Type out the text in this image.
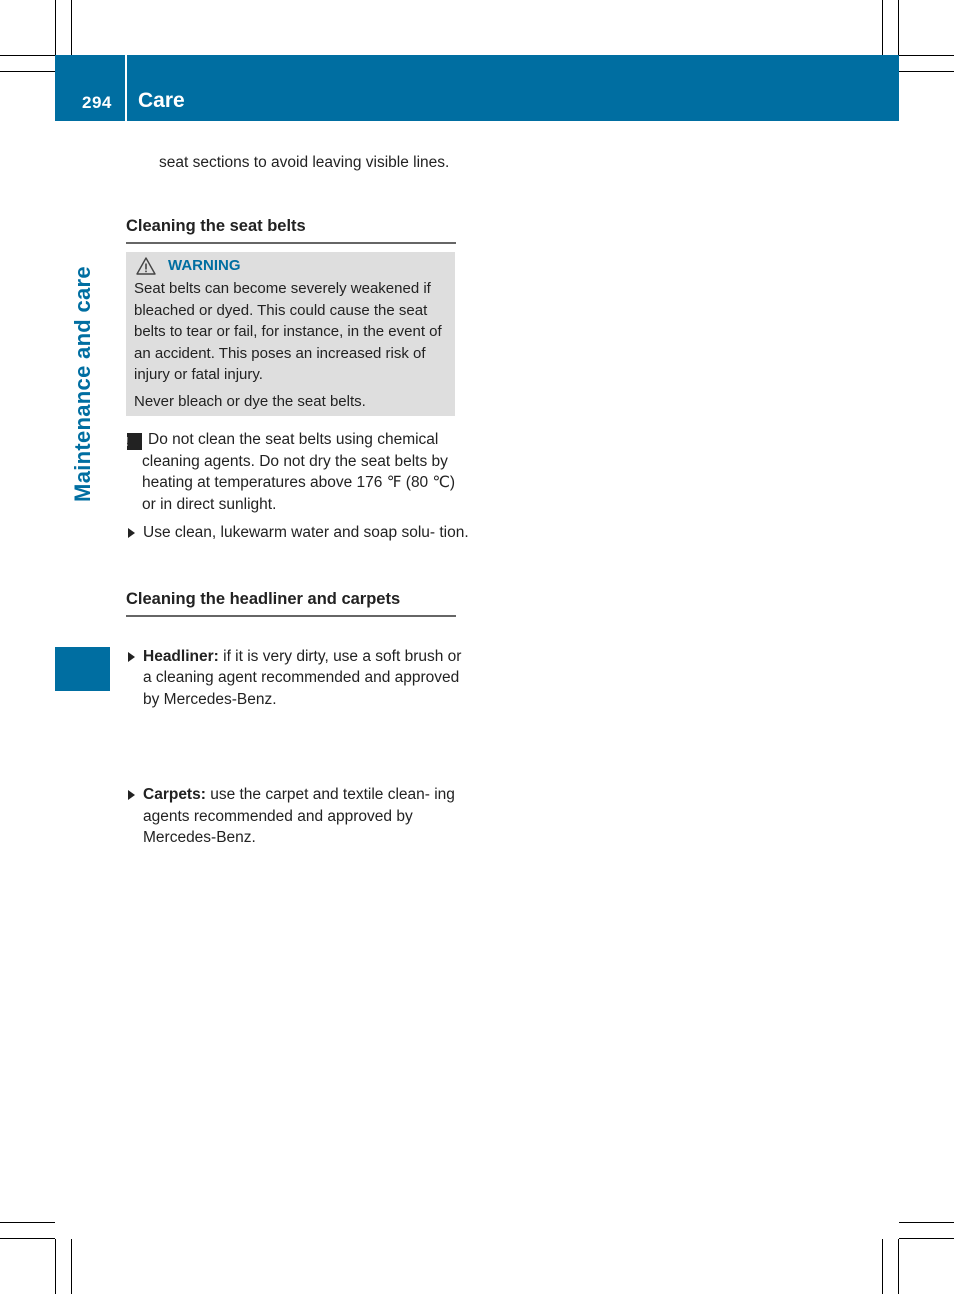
294 Care
Maintenance and care
seat sections to avoid leaving visible lines.
Cleaning the seat belts
WARNING
Seat belts can become severely weakened if bleached or dyed. This could cause the seat belts to tear or fail, for instance, in the event of an accident. This poses an increased risk of injury or fatal injury.
Never bleach or dye the seat belts.
! Do not clean the seat belts using chemical cleaning agents. Do not dry the seat belts by heating at temperatures above 176 ℉ (80 ℃) or in direct sunlight.
Use clean, lukewarm water and soap solu- tion.
Cleaning the headliner and carpets
Headliner: if it is very dirty, use a soft brush or a cleaning agent recommended and approved by Mercedes-Benz.
Carpets: use the carpet and textile clean- ing agents recommended and approved by Mercedes-Benz.
